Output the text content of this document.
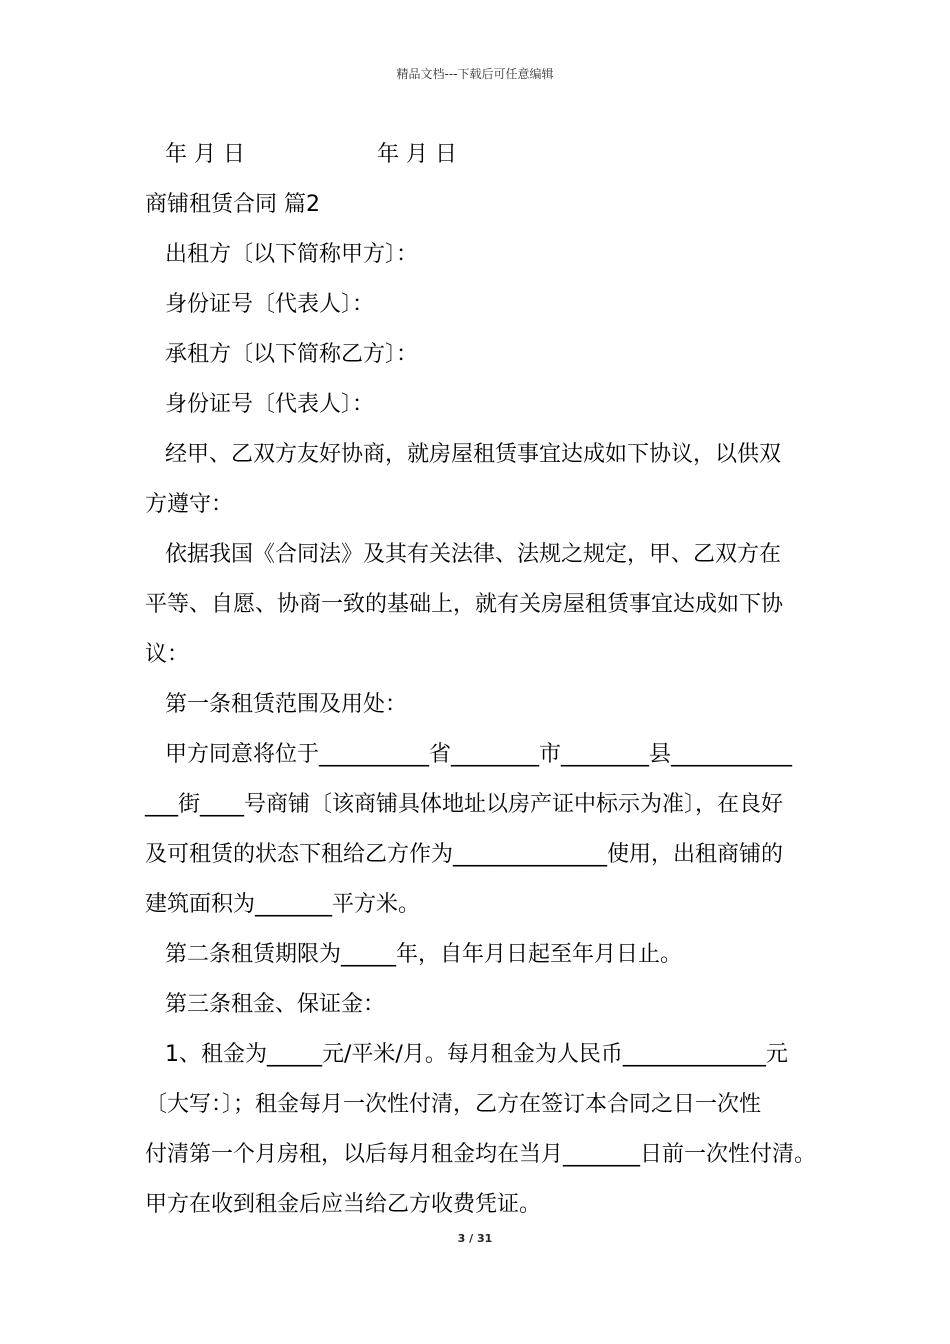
精品文档---下载后可任意编辑
年 月 日	年 月 日
商铺租赁合同 篇2
出租方〔以下简称甲方〕：
身份证号〔代表人〕：
承租方〔以下简称乙方〕：
身份证号〔代表人〕：
经甲、乙双方友好协商，就房屋租赁事宜达成如下协议，以供双
方遵守：
依据我国《合同法》及其有关法律、法规之规定，甲、乙双方在
平等、自愿、协商一致的基础上，就有关房屋租赁事宜达成如下协
议：
第一条租赁范围及用处：
甲方同意将位于__________省________市________县___________
___街____号商铺〔该商铺具体地址以房产证中标示为准〕，在良好
及可租赁的状态下租给乙方作为______________使用，出租商铺的
建筑面积为_______平方米。
第二条租赁期限为_____年，自年月日起至年月日止。
第三条租金、保证金：
1、租金为_____元/平米/月。每月租金为人民币_____________元
〔大写：〕；租金每月一次性付清，乙方在签订本合同之日一次性
付清第一个月房租，以后每月租金均在当月_______日前一次性付清。
甲方在收到租金后应当给乙方收费凭证。
3 / 31
